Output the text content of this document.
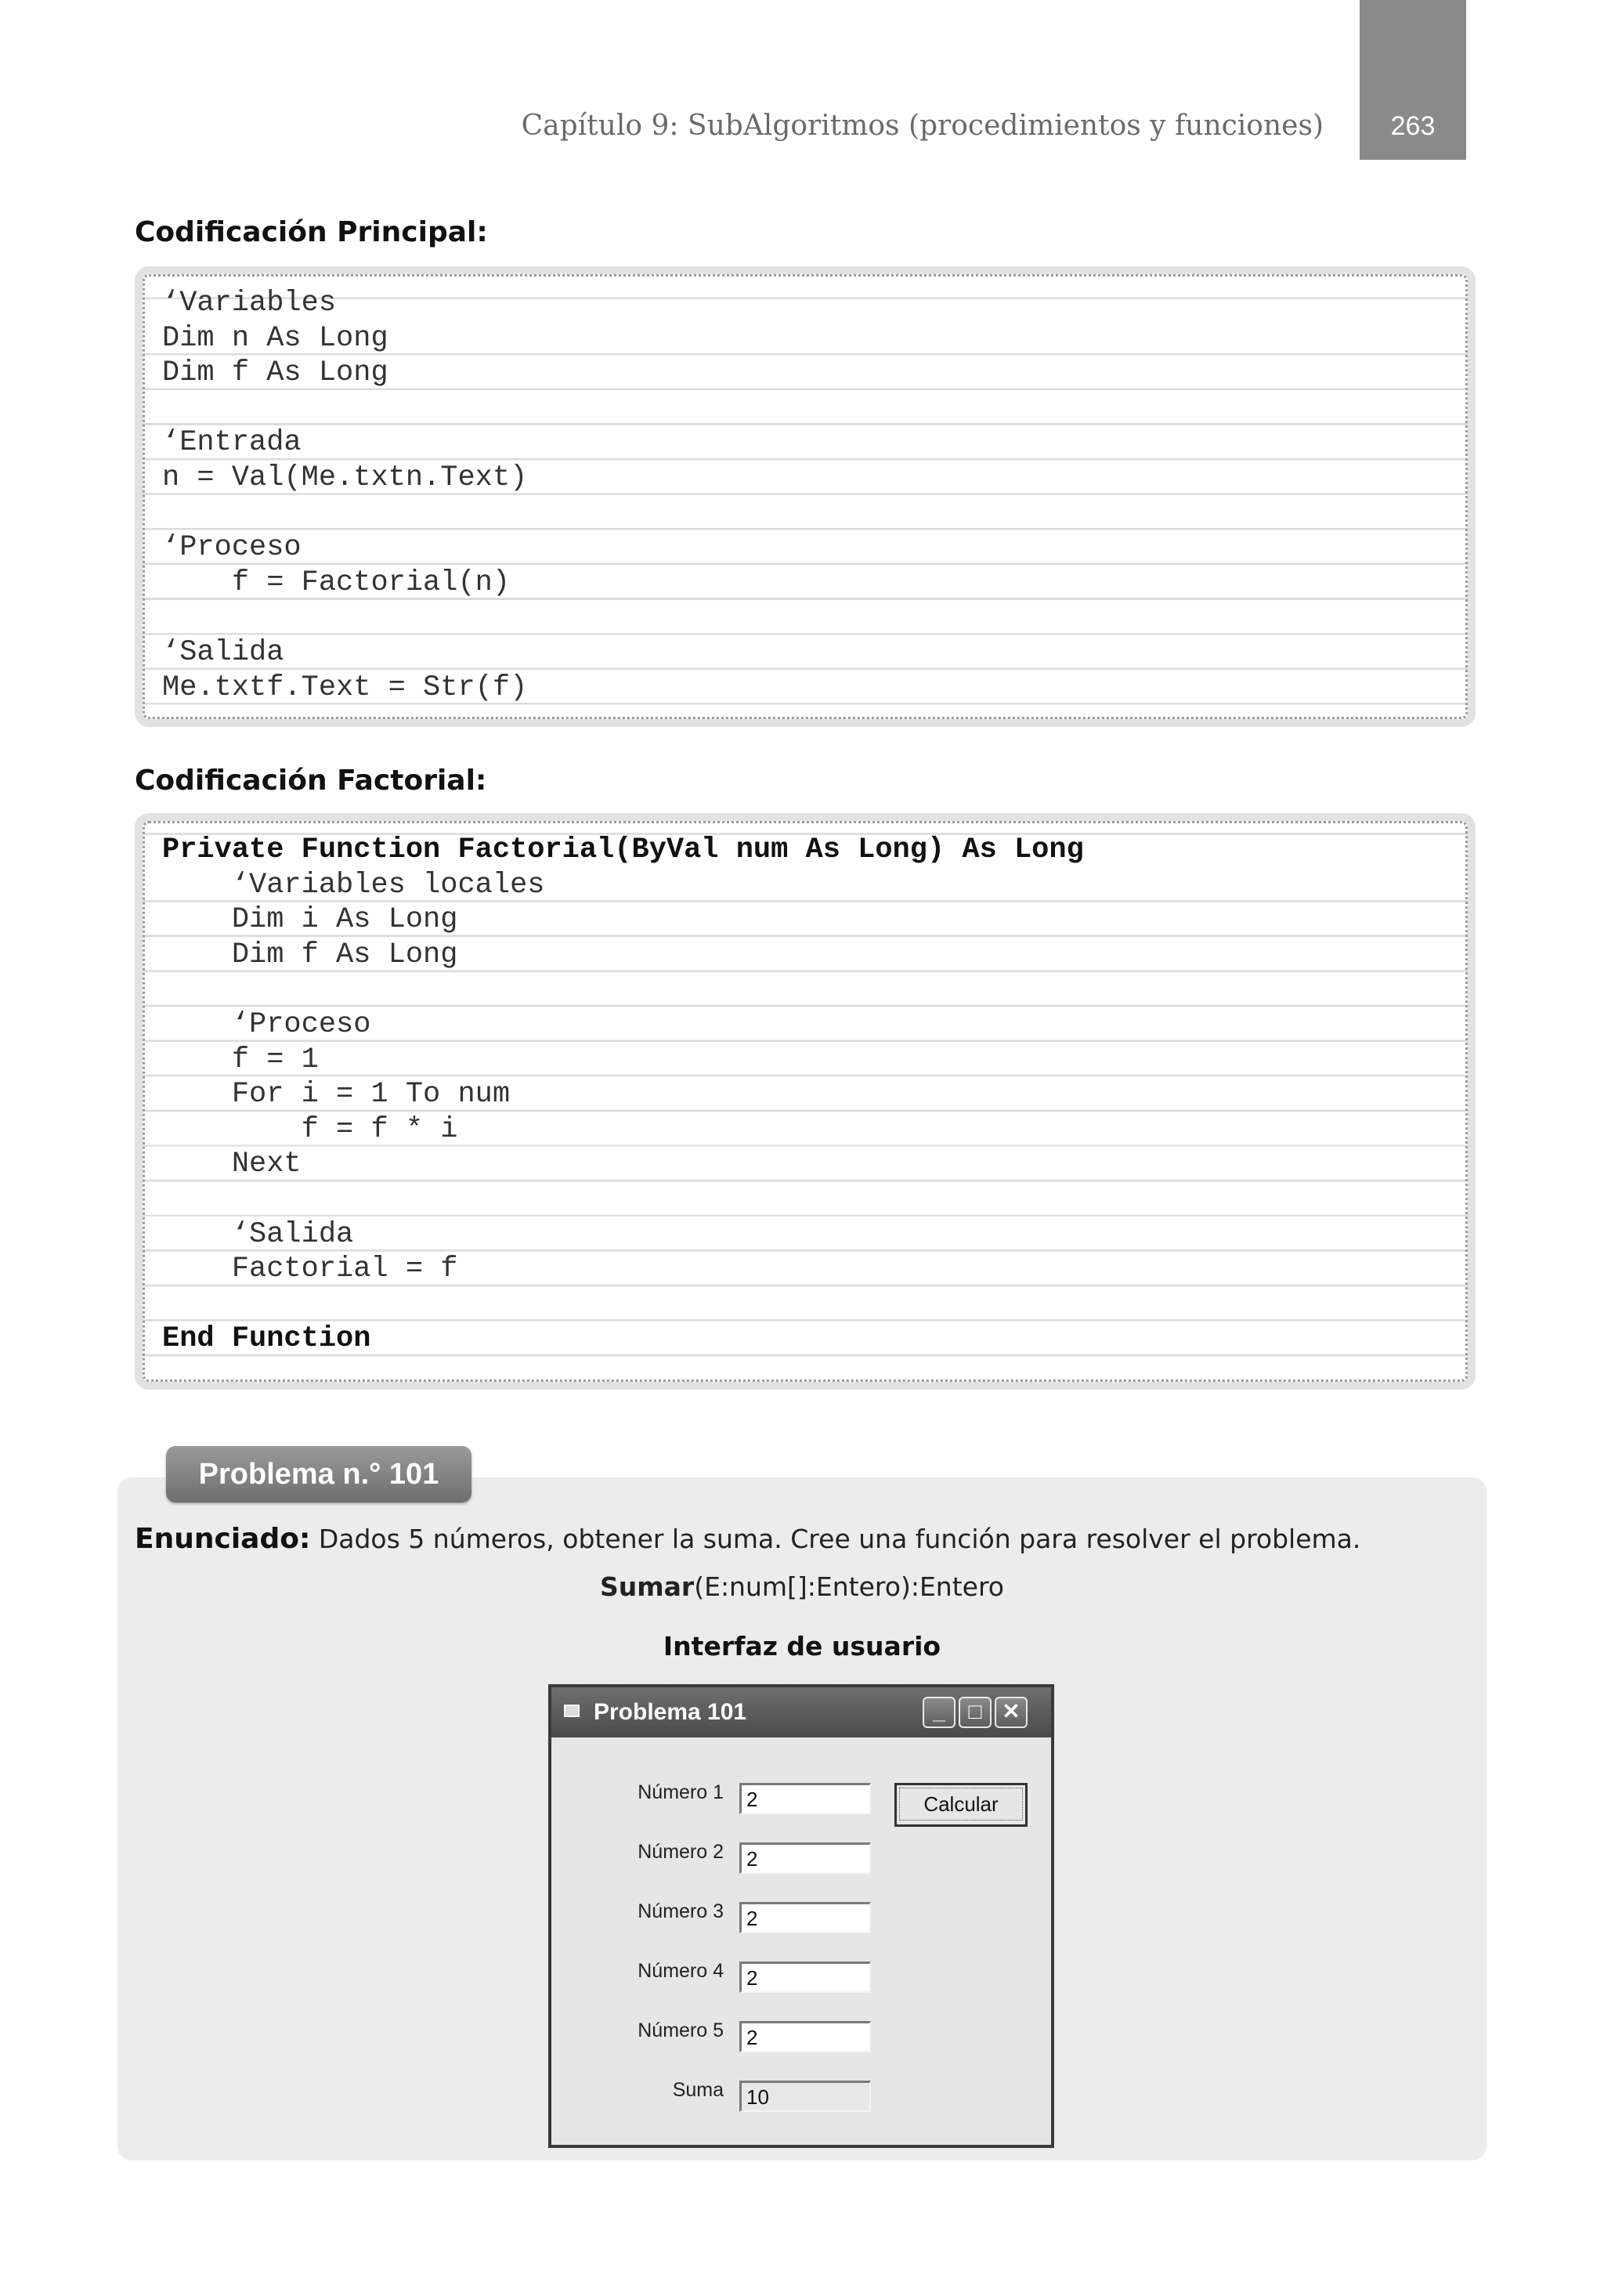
263
Capítulo 9: SubAlgoritmos (procedimientos y funciones)
Codificación Principal:
‘Variables
Dim n As Long
Dim f As Long
‘Entrada
n = Val(Me.txtn.Text)
‘Proceso
f = Factorial(n)
‘Salida
Me.txtf.Text = Str(f)
Codificación Factorial:
Private Function Factorial(ByVal num As Long) As Long
‘Variables locales
Dim i As Long
Dim f As Long
‘Proceso
f = 1
For i = 1 To num
f = f * i
Next
‘Salida
Factorial = f
End Function
Problema n.° 101
Enunciado: Dados 5 números, obtener la suma. Cree una función para resolver el problema.
Sumar(E:num[]:Entero):Entero
Interfaz de usuario
Problema 101	_	□ ✕
Número 1	2
Número 2	2
Número 3	2
Número 4	2
Número 5	2
Suma	10
Calcular
